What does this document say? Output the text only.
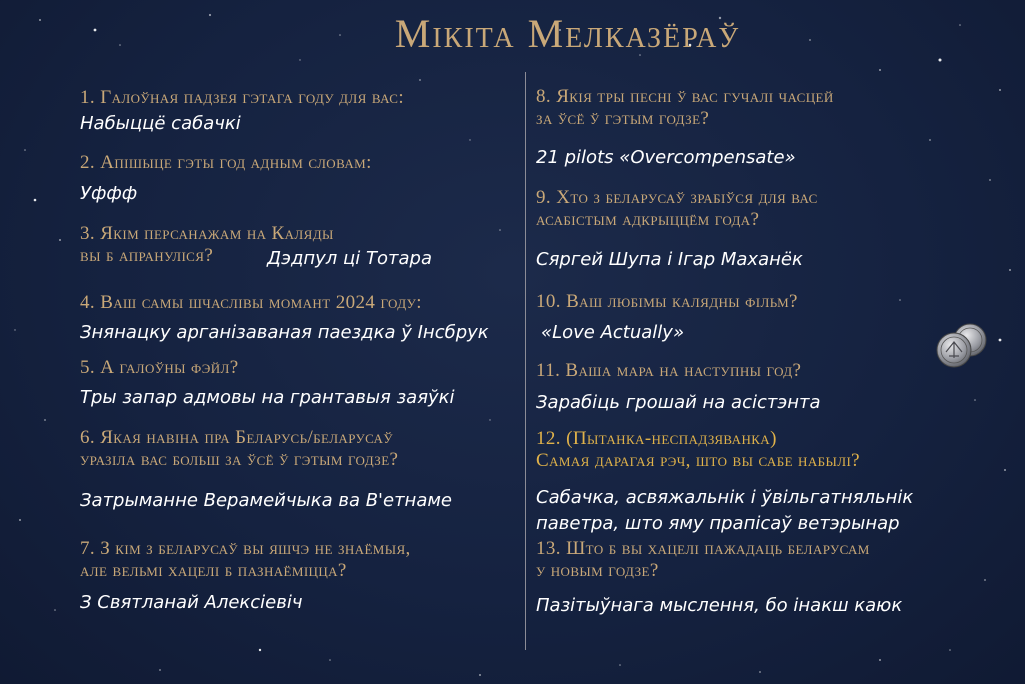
Мікіта Мелказёраў
1. Галоўная падзея гэтага году для вас:
Набыццё сабачкі
2. Апішыце гэты год адным словам:
Уффф
3. Якім персанажам на Каляды
вы б апрануліся?	Дэдпул ці Тотара
4. Ваш самы шчаслівы момант 2024 году:
Знянацку арганізаваная паездка ў Інсбрук
5. А галоўны фэйл?
Тры запар адмовы на грантавыя заяўкі
6. Якая навіна пра Беларусь/беларусаў
уразіла вас больш за ўсё ў гэтым годзе?
Затрыманне Верамейчыка ва В'етнаме
7. З кім з беларусаў вы яшчэ не знаёмыя,
але вельмі хацелі б пазнаёміцца?
З Святланай Алексіевіч
8. Якія тры песні ў вас гучалі часцей
за ўсё ў гэтым годзе?
21 pilots «Overcompensate»
9. Хто з беларусаў зрабіўся для вас
асабістым адкрыццём года?
Сяргей Шупа і Ігар Маханёк
10. Ваш любімы калядны фільм?
«Love Actually»
11. Ваша мара на наступны год?
Зарабіць грошай на асістэнта
12. (Пытанка-неспадзяванка)
Самая дарагая рэч, што вы сабе набылі?
Сабачка, асвяжальнік і ўвільгатняльнік
паветра, што яму прапісаў ветэрынар
13. Што б вы хацелі пажадаць беларусам
у новым годзе?
Пазітыўнага мыслення, бо інакш каюк
